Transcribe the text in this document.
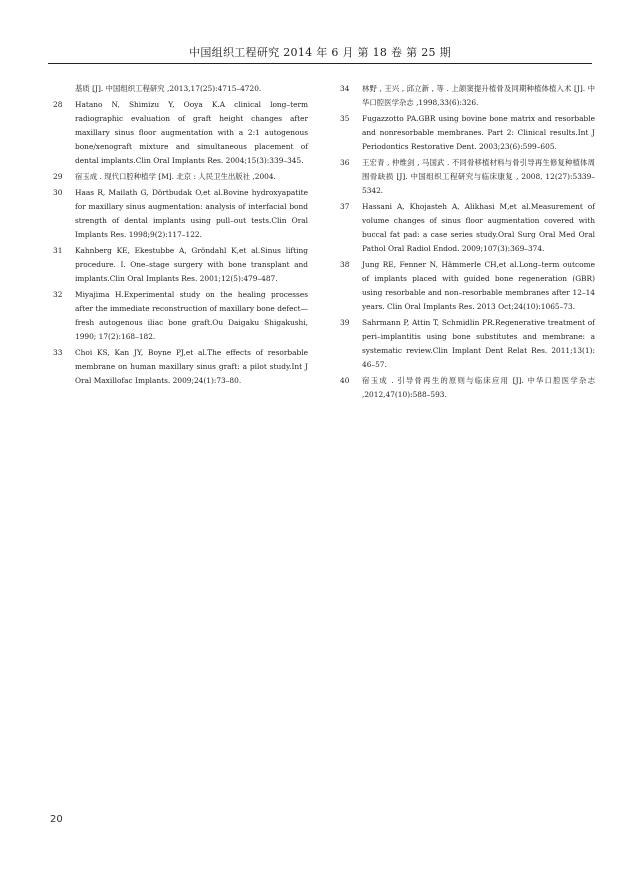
中国组织工程研究 2014 年 6 月 第 18 卷 第 25 期
基质 [J]. 中国组织工程研究 ,2013,17(25):4715–4720.
28	Hatano N, Shimizu Y, Ooya K.A clinical long–term radiographic evaluation of graft height changes after maxillary sinus floor augmentation with a 2:1 autogenous bone/xenograft mixture and simultaneous placement of dental implants.Clin Oral Implants Res. 2004;15(3):339–345.
29	宿玉成 . 现代口腔种植学 [M]. 北京 : 人民卫生出版社 ,2004.
30	Haas R, Mailath G, Dörtbudak O,et al.Bovine hydroxyapatite for maxillary sinus augmentation: analysis of interfacial bond strength of dental implants using pull–out tests.Clin Oral Implants Res. 1998;9(2):117–122.
31	Kahnberg KE, Ekestubbe A, Gröndahl K,et al.Sinus lifting procedure. I. One–stage surgery with bone transplant and implants.Clin Oral Implants Res. 2001;12(5):479–487.
32	Miyajima H.Experimental study on the healing processes after the immediate reconstruction of maxillary bone defect—fresh autogenous iliac bone graft.Ou Daigaku Shigakushi, 1990; 17(2):168–182.
33	Choi KS, Kan JY, Boyne PJ,et al.The effects of resorbable membrane on human maxillary sinus graft: a pilot study.Int J Oral Maxillofac Implants. 2009;24(1):73–80.
34	林野 , 王兴 , 邱立新 , 等 . 上颌窦提升植骨及同期种植体植入术 [J]. 中华口腔医学杂志 ,1998,33(6):326.
35	Fugazzotto PA.GBR using bovine bone matrix and resorbable and nonresorbable membranes. Part 2: Clinical results.Int J Periodontics Restorative Dent. 2003;23(6):599–605.
36	王宏青 , 仲维剑 , 马国武 . 不同骨移植材料与骨引导再生修复种植体周围骨缺损 [J]. 中国组织工程研究与临床康复 , 2008, 12(27):5339–5342.
37	Hassani A, Khojasteh A, Alikhasi M,et al.Measurement of volume changes of sinus floor augmentation covered with buccal fat pad: a case series study.Oral Surg Oral Med Oral Pathol Oral Radiol Endod. 2009;107(3):369–374.
38	Jung RE, Fenner N, Hämmerle CH,et al.Long–term outcome of implants placed with guided bone regeneration (GBR) using resorbable and non–resorbable membranes after 12–14 years. Clin Oral Implants Res. 2013 Oct;24(10):1065–73.
39	Sahrmann P, Attin T, Schmidlin PR.Regenerative treatment of peri–implantitis using bone substitutes and membrane: a systematic review.Clin Implant Dent Relat Res. 2011;13(1): 46–57.
40	宿玉成 . 引导骨再生的原则与临床应用 [J]. 中华口腔医学杂志 ,2012,47(10):588–593.
20
